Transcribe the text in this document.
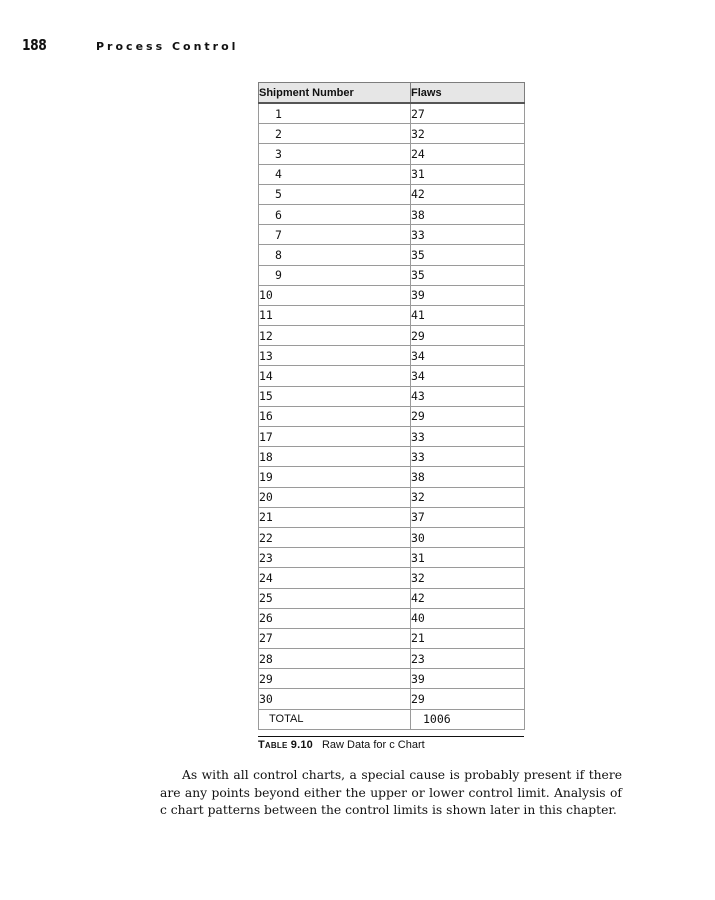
188	Process Control
Shipment Number	Flaws
1	27
2	32
3	24
4	31
5	42
6	38
7	33
8	35
9	35
10	39
11	41
12	29
13	34
14	34
15	43
16	29
17	33
18	33
19	38
20	32
21	37
22	30
23	31
24	32
25	42
26	40
27	21
28	23
29	39
30	29
TOTAL	1006
Table 9.10 Raw Data for c Chart

As with all control charts, a special cause is probably present if there are any points beyond either the upper or lower control limit. Analysis of c chart patterns between the control limits is shown later in this chapter.
